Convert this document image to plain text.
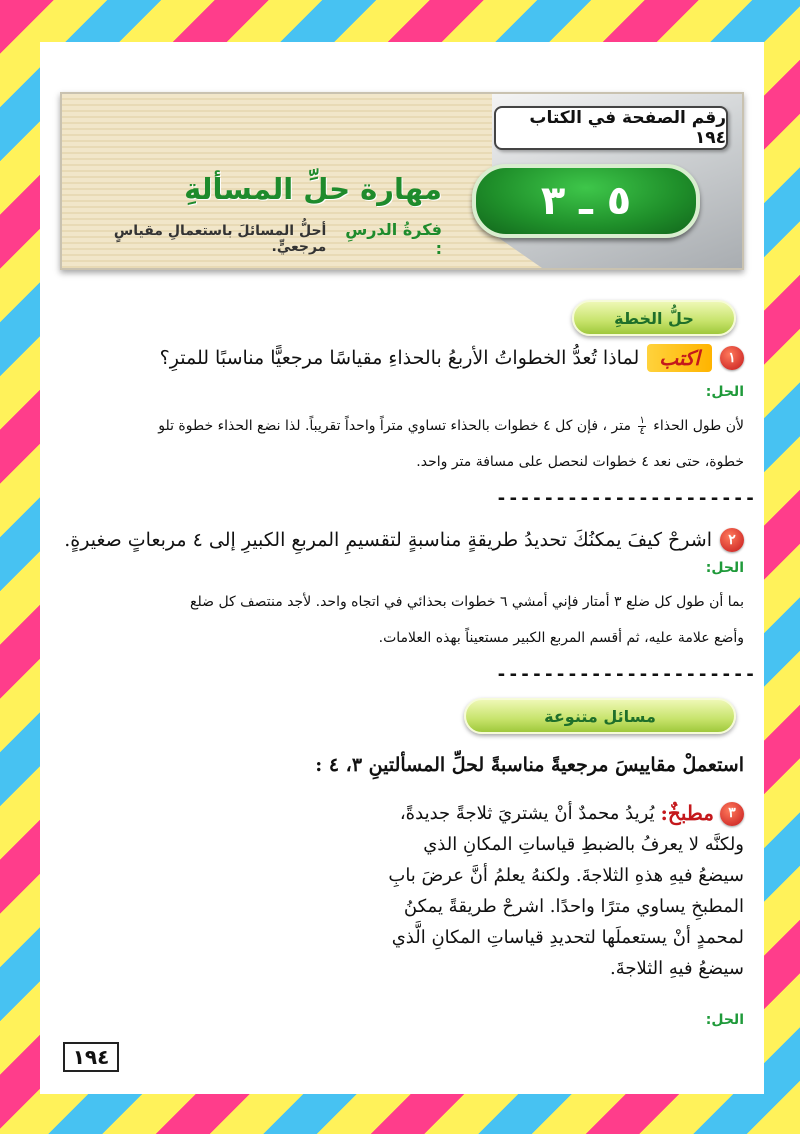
رقم الصفحة في الكتاب ١٩٤
٥ ـ ٣
مهارة حلِّ المسألةِ
فكرةُ الدرسِ :
أحلُّ المسائلَ باستعمالِ مقياسٍ مرجعيٍّ.
حلُّ الخطةِ
١
اكتب
لماذا تُعدُّ الخطواتُ الأربعُ بالحذاءِ مقياسًا مرجعيًّا مناسبًا للمترِ؟
الحل:
لأن طول الحذاء
$\frac{١}{٤}$
متر ، فإن كل ٤ خطوات بالحذاء تساوي متراً واحداً تقريباً. لذا نضع الحذاء خطوة تلو
خطوة، حتى نعد ٤ خطوات لنحصل على مسافة متر واحد.
----------------------
٢
اشرحْ كيفَ يمكنُكَ تحديدُ طريقةٍ مناسبةٍ لتقسيمِ المربعِ الكبيرِ إلى ٤ مربعاتٍ صغيرةٍ.
الحل:
بما أن طول كل ضلع ٣ أمتار فإني أمشي ٦ خطوات بحذائي في اتجاه واحد. لأجد منتصف كل ضلع
وأضع علامة عليه، ثم أقسم المربع الكبير مستعيناً بهذه العلامات.
----------------------
مسائل متنوعة
استعملْ مقاييسَ مرجعيةً مناسبةً لحلِّ المسألتينِ ٣، ٤ :
٣
مطبخٌ:
يُريدُ محمدٌ أنْ يشتريَ ثلاجةً جديدةً،
ولكنَّه لا يعرفُ بالضبطِ قياساتِ المكانِ الذي
سيضعُ فيهِ هذهِ الثلاجةَ. ولكنهُ يعلمُ أنَّ عرضَ بابِ
المطبخِ يساوي مترًا واحدًا. اشرحْ طريقةً يمكنُ
لمحمدٍ أنْ يستعملَها لتحديدِ قياساتِ المكانِ الَّذي
سيضعُ فيهِ الثلاجةَ.
الحل:
١٩٤
